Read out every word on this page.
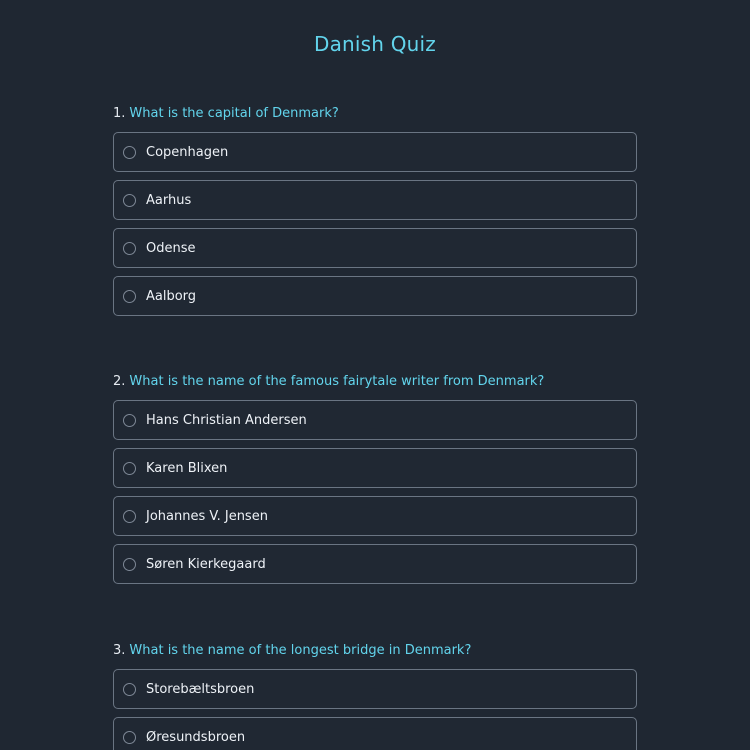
Danish Quiz
1. What is the capital of Denmark?
Copenhagen
Aarhus
Odense
Aalborg
2. What is the name of the famous fairytale writer from Denmark?
Hans Christian Andersen
Karen Blixen
Johannes V. Jensen
Søren Kierkegaard
3. What is the name of the longest bridge in Denmark?
Storebæltsbroen
Øresundsbroen
